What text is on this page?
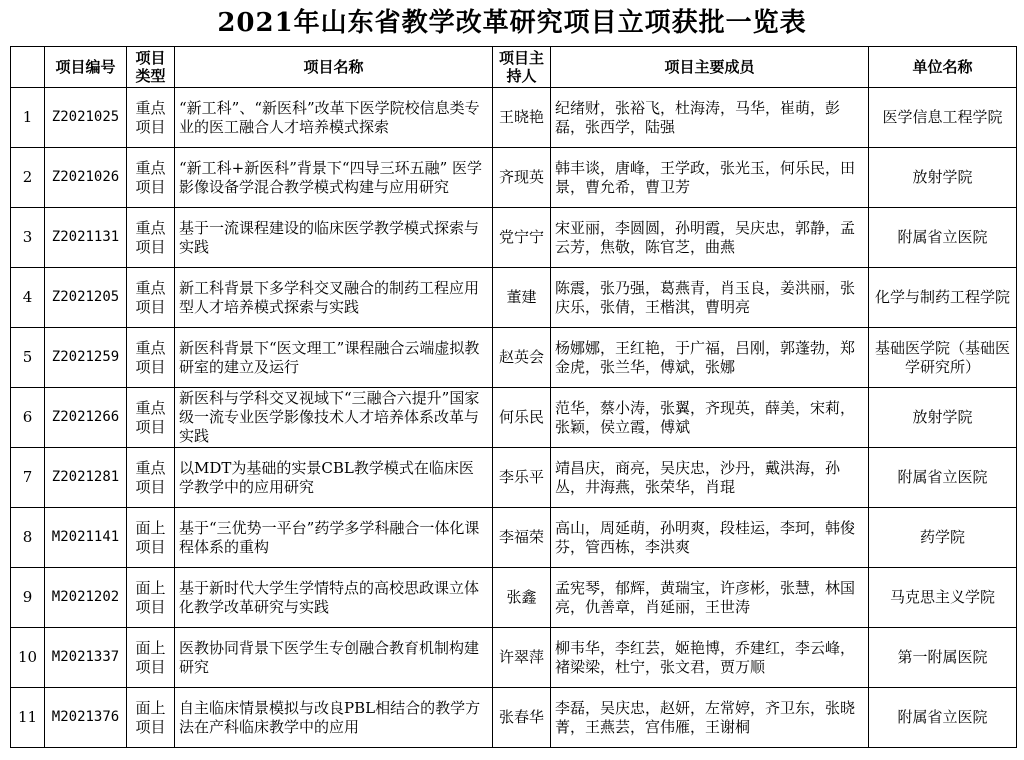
2021年山东省教学改革研究项目立项获批一览表
	项目编号	项目类型	项目名称	项目主持人	项目主要成员	单位名称
1	Z2021025	重点项目	“新工科”、“新医科”改革下医学院校信息类专业的医工融合人才培养模式探索	王晓艳	纪绪财，张裕飞，杜海涛，马华，崔萌，彭磊，张西学，陆强	医学信息工程学院
2	Z2021026	重点项目	“新工科+新医科”背景下“四导三环五融” 医学影像设备学混合教学模式构建与应用研究	齐现英	韩丰谈，唐峰，王学政，张光玉，何乐民，田景，曹允希，曹卫芳	放射学院
3	Z2021131	重点项目	基于一流课程建设的临床医学教学模式探索与实践	党宁宁	宋亚丽，李圆圆，孙明霞，吴庆忠，郭静，孟云芳，焦敬，陈官芝，曲燕	附属省立医院
4	Z2021205	重点项目	新工科背景下多学科交叉融合的制药工程应用型人才培养模式探索与实践	董建	陈震，张乃强，葛燕青，肖玉良，姜洪丽，张庆乐，张倩，王楷淇，曹明亮	化学与制药工程学院
5	Z2021259	重点项目	新医科背景下“医文理工”课程融合云端虚拟教研室的建立及运行	赵英会	杨娜娜，王红艳，于广福，吕刚，郭蓬勃，郑金虎，张兰华，傅斌，张娜	基础医学院（基础医学研究所）
6	Z2021266	重点项目	新医科与学科交叉视域下“三融合六提升”国家级一流专业医学影像技术人才培养体系改革与实践	何乐民	范华，蔡小涛，张翼，齐现英，薛美，宋莉，张颖，侯立霞，傅斌	放射学院
7	Z2021281	重点项目	以MDT为基础的实景CBL教学模式在临床医学教学中的应用研究	李乐平	靖昌庆，商亮，吴庆忠，沙丹，戴洪海，孙丛，井海燕，张荣华，肖琨	附属省立医院
8	M2021141	面上项目	基于“三优势一平台”药学多学科融合一体化课程体系的重构	李福荣	高山，周延萌，孙明爽，段桂运，李珂，韩俊芬，管西栋，李洪爽	药学院
9	M2021202	面上项目	基于新时代大学生学情特点的高校思政课立体化教学改革研究与实践	张鑫	孟宪琴，郁辉，黄瑞宝，许彦彬，张慧，林国亮，仇善章，肖延丽，王世涛	马克思主义学院
10	M2021337	面上项目	医教协同背景下医学生专创融合教育机制构建研究	许翠萍	柳韦华，李红芸，姬艳博，乔建红，李云峰，褚梁梁，杜宁，张文君，贾万顺	第一附属医院
11	M2021376	面上项目	自主临床情景模拟与改良PBL相结合的教学方法在产科临床教学中的应用	张春华	李磊，吴庆忠，赵妍，左常婷，齐卫东，张晓菁，王燕芸，宫伟雁，王谢桐	附属省立医院
